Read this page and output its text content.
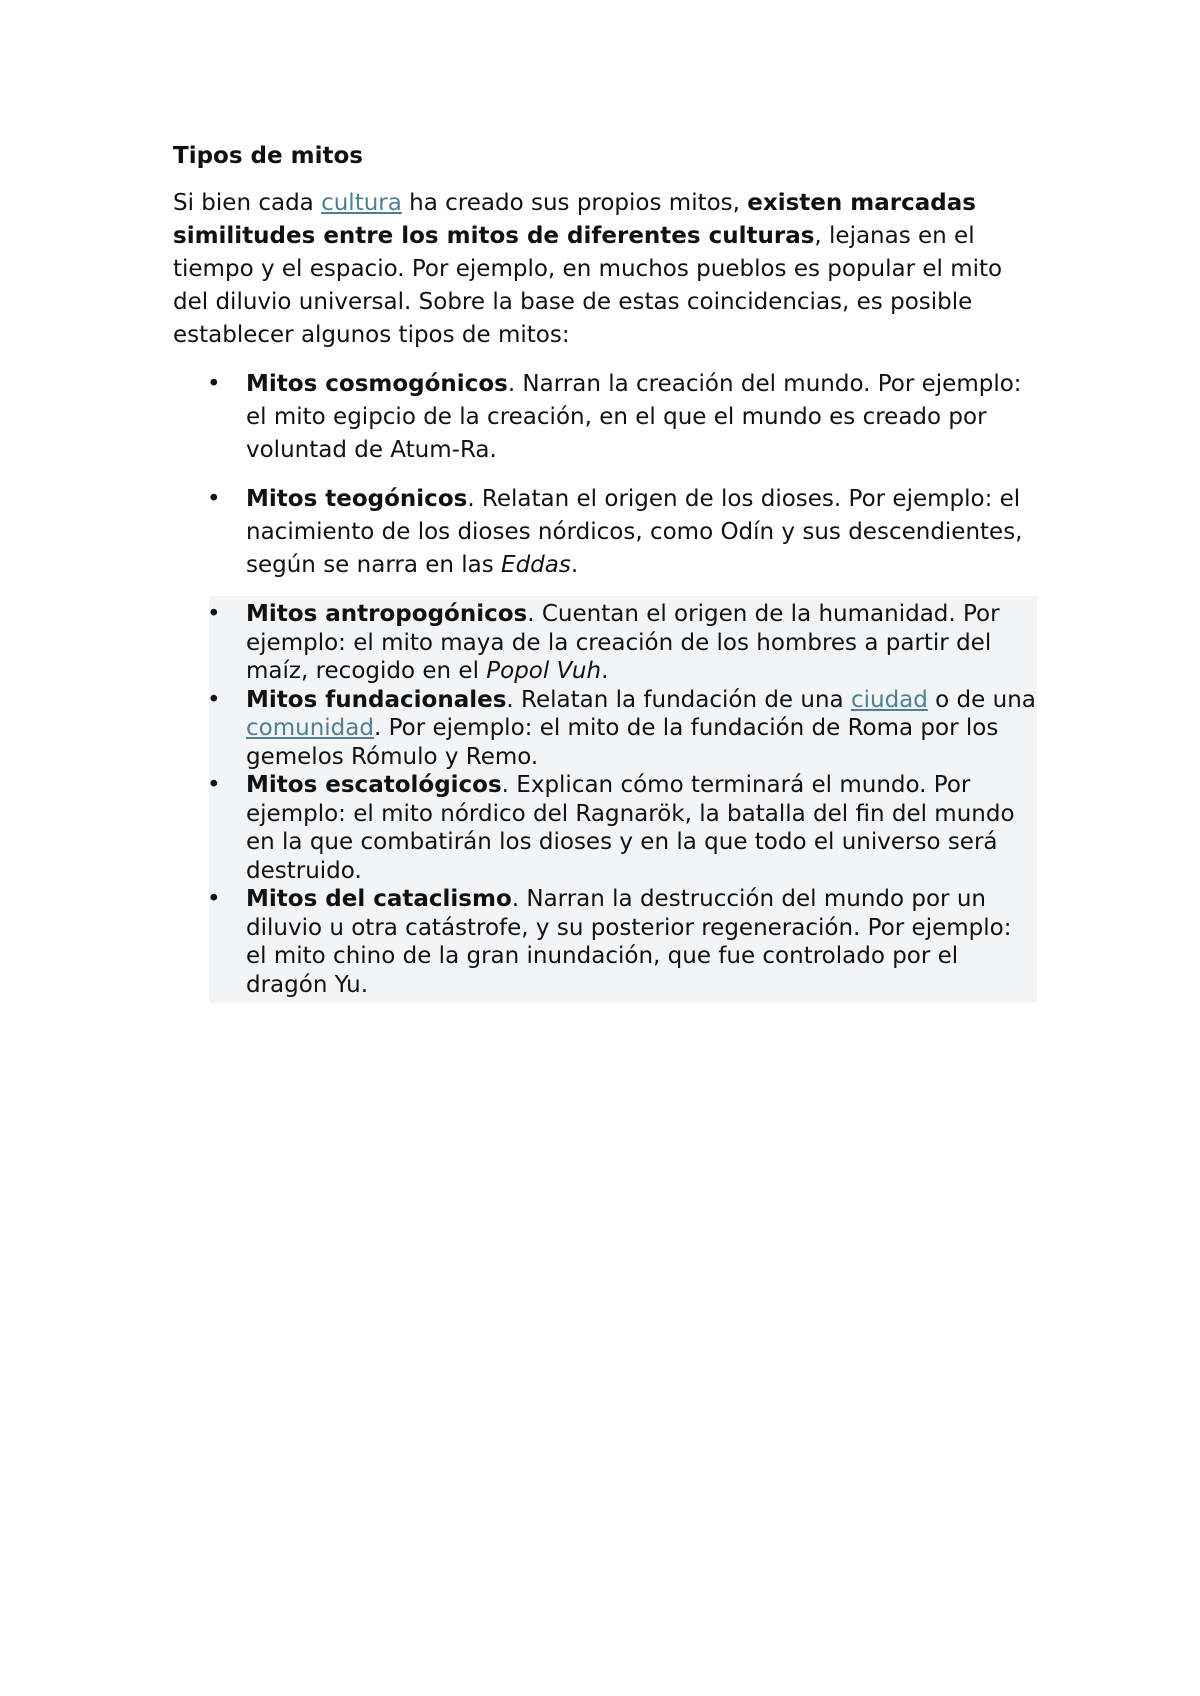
Tipos de mitos

Si bien cada cultura ha creado sus propios mitos, existen marcadas similitudes entre los mitos de diferentes culturas, lejanas en el tiempo y el espacio. Por ejemplo, en muchos pueblos es popular el mito del diluvio universal. Sobre la base de estas coincidencias, es posible establecer algunos tipos de mitos:

• Mitos cosmogónicos. Narran la creación del mundo. Por ejemplo: el mito egipcio de la creación, en el que el mundo es creado por voluntad de Atum-Ra.
• Mitos teogónicos. Relatan el origen de los dioses. Por ejemplo: el nacimiento de los dioses nórdicos, como Odín y sus descendientes, según se narra en las Eddas.
• Mitos antropogónicos. Cuentan el origen de la humanidad. Por ejemplo: el mito maya de la creación de los hombres a partir del maíz, recogido en el Popol Vuh.
• Mitos fundacionales. Relatan la fundación de una ciudad o de una comunidad. Por ejemplo: el mito de la fundación de Roma por los gemelos Rómulo y Remo.
• Mitos escatológicos. Explican cómo terminará el mundo. Por ejemplo: el mito nórdico del Ragnarök, la batalla del fin del mundo en la que combatirán los dioses y en la que todo el universo será destruido.
• Mitos del cataclismo. Narran la destrucción del mundo por un diluvio u otra catástrofe, y su posterior regeneración. Por ejemplo: el mito chino de la gran inundación, que fue controlado por el dragón Yu.
